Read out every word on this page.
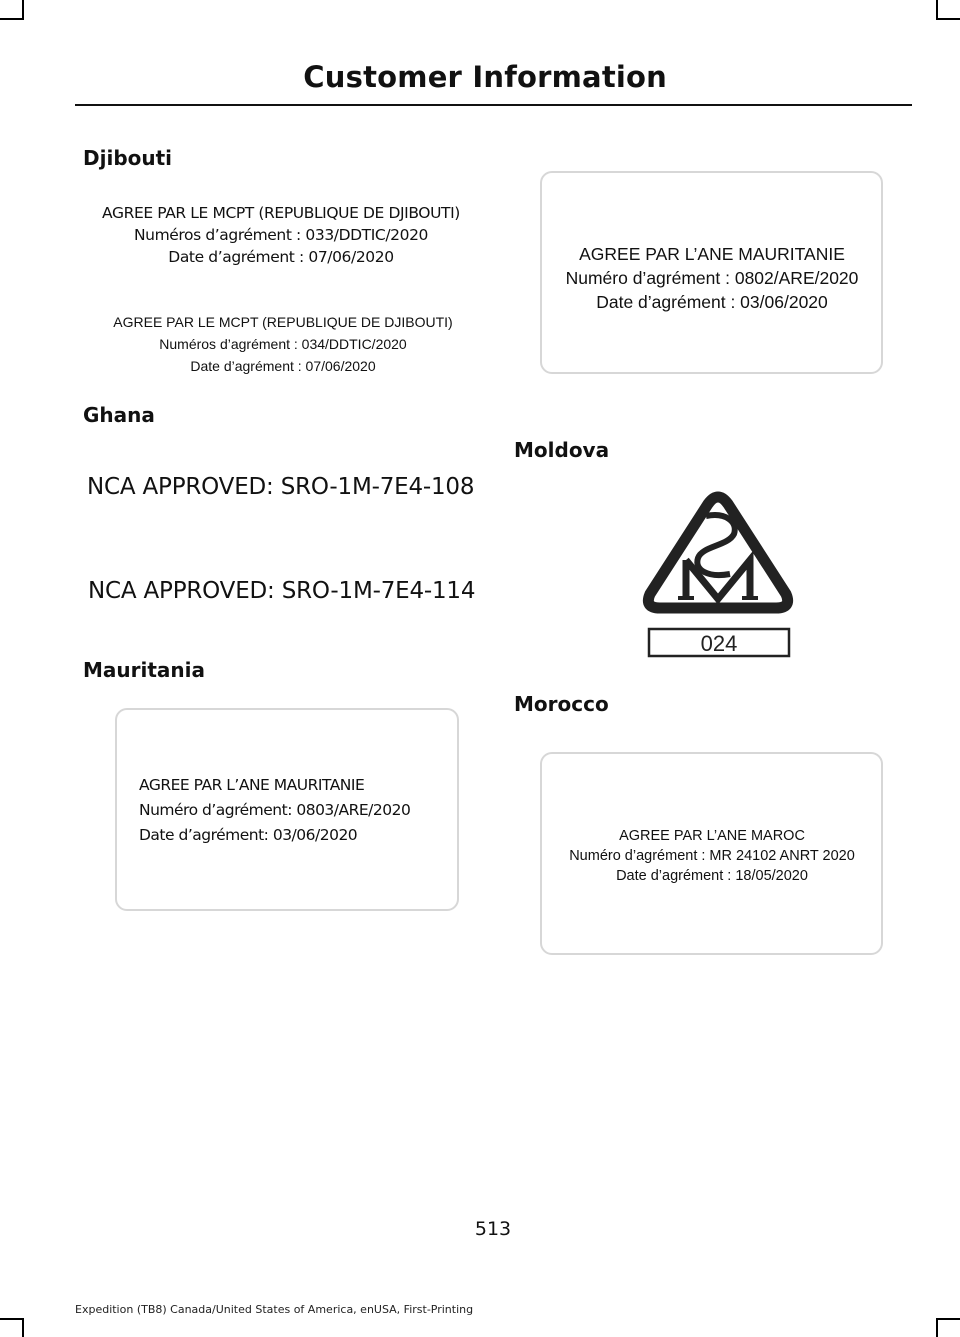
Customer Information
Djibouti
AGREE PAR LE MCPT (REPUBLIQUE DE DJIBOUTI)
Numéros d’agrément : 033/DDTIC/2020
Date d’agrément : 07/06/2020
AGREE PAR LE MCPT (REPUBLIQUE DE DJIBOUTI)
Numéros d’agrément : 034/DDTIC/2020
Date d’agrément : 07/06/2020
Ghana
NCA APPROVED: SRO-1M-7E4-108
NCA APPROVED: SRO-1M-7E4-114
Mauritania
AGREE PAR L’ANE MAURITANIE
Numéro d’agrément: 0803/ARE/2020
Date d’agrément: 03/06/2020
AGREE PAR L’ANE MAURITANIE
Numéro d’agrément : 0802/ARE/2020
Date d’agrément : 03/06/2020
Moldova
024
Morocco
AGREE PAR L’ANE MAROC
Numéro d’agrément : MR 24102 ANRT 2020
Date d’agrément : 18/05/2020
513
Expedition (TB8) Canada/United States of America, enUSA, First-Printing
